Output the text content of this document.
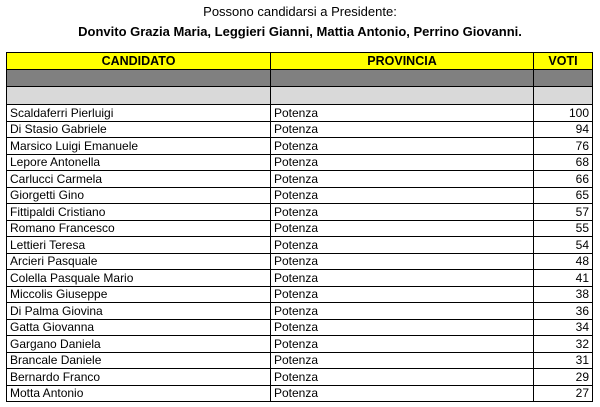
Possono candidarsi a Presidente:
Donvito Grazia Maria, Leggieri Gianni, Mattia Antonio, Perrino Giovanni.
CANDIDATO	PROVINCIA	VOTI

Scaldaferri Pierluigi	Potenza	100
Di Stasio Gabriele	Potenza	94
Marsico Luigi Emanuele	Potenza	76
Lepore Antonella	Potenza	68
Carlucci Carmela	Potenza	66
Giorgetti Gino	Potenza	65
Fittipaldi Cristiano	Potenza	57
Romano Francesco	Potenza	55
Lettieri Teresa	Potenza	54
Arcieri Pasquale	Potenza	48
Colella Pasquale Mario	Potenza	41
Miccolis Giuseppe	Potenza	38
Di Palma Giovina	Potenza	36
Gatta Giovanna	Potenza	34
Gargano Daniela	Potenza	32
Brancale Daniele	Potenza	31
Bernardo Franco	Potenza	29
Motta Antonio	Potenza	27
